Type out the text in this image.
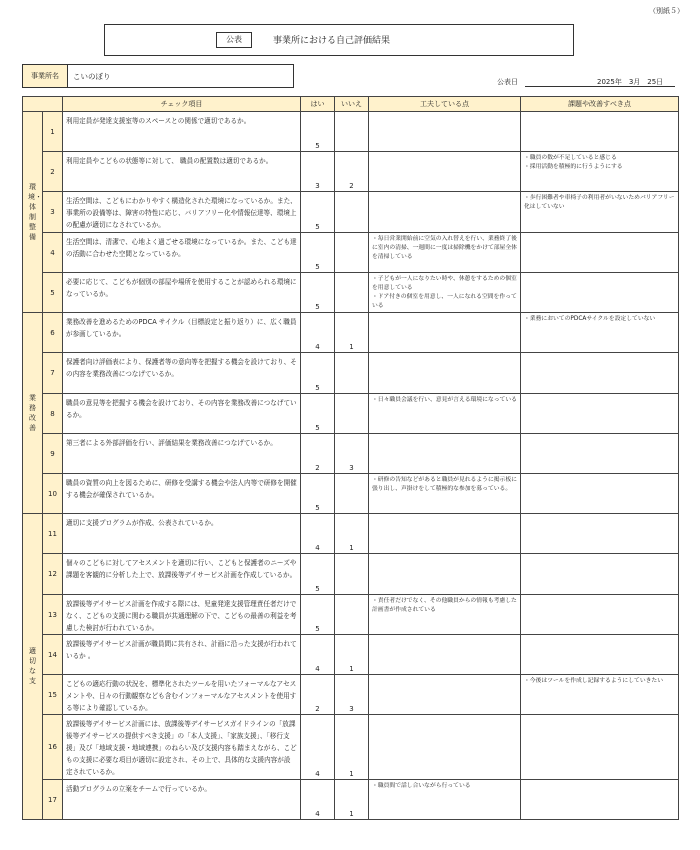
（別紙５）
公表	事業所における自己評価結果
事業所名	こいのぼり
公表日	2025年　3月　25日
		チェック項目	はい	いいえ	工夫している点	課題や改善すべき点
環境・体制整備	1	利用定員が発達支援室等のスペースとの関係で適切であるか。	5			
	2	利用定員やこどもの状態等に対して、 職員の配置数は適切であるか。	3	2		・職員の数が不足していると感じる
・採用活動を積極的に行うようにする
	3	生活空間は、こどもにわかりやすく構造化された環境になっているか。また、事業所の設備等は、障害の特性に応じ、バリアフリー化や情報伝達等、環境上の配慮が適切になされているか。	5			・歩行困難者や車椅子の利用者がいないためバリアフリー化はしていない
	4	生活空間は、清潔で、心地よく過ごせる環境になっているか。また、こども達の活動に合わせた空間となっているか。	5		・毎日営業開始前に空気の入れ替えを行い、業務終了後に室内の清掃、一週間に一度は掃除機をかけて部屋全体を清掃している	
	5	必要に応じて、こどもが個別の部屋や場所を使用することが認められる環境になっているか。	5		・子どもが一人になりたい時や、休憩をするための個室を用意している
・ドア付きの個室を用意し、一人になれる空間を作っている	
業務改善	6	業務改善を進めるためのPDCA サイクル（目標設定と振り返り）に、広く職員が参画しているか。	4	1		・業務においてのPDCAサイクルを設定していない
	7	保護者向け評価表により、保護者等の意向等を把握する機会を設けており、その内容を業務改善につなげているか。	5			
	8	職員の意見等を把握する機会を設けており、その内容を業務改善につなげているか。	5		・日々職員会議を行い、意見が言える環境になっている	
	9	第三者による外部評価を行い、評価結果を業務改善につなげているか。	2	3		
	10	職員の資質の向上を図るために、研修を受講する機会や法人内等で研修を開催する機会が確保されているか。	5		・研修の告知などがあると職員が見れるように掲示板に張り出し、声掛けをして積極的な参加を募っている。	
適切な支	11	適切に支援プログラムが作成、公表されているか。	4	1		
	12	個々のこどもに対してアセスメントを適切に行い、こどもと保護者のニーズや課題を客観的に分析した上で、放課後等デイサービス計画を作成しているか。	5			
	13	放課後等デイサービス計画を作成する際には、児童発達支援管理責任者だけでなく、こどもの支援に関わる職員が共通理解の下で、こどもの最善の利益を考慮した検討が行われているか。	5		・責任者だけでなく、その他職員からの情報も考慮した計画書が作成されている	
	14	放課後等デイサービス計画が職員間に共有され、計画に沿った支援が行われているか 。	4	1		
	15	こどもの適応行動の状況を、標準化されたツールを用いたフォーマルなアセスメントや、日々の行動観察なども含むインフォーマルなアセスメントを使用する等により確認しているか。	2	3		・今後はツールを作成し記録するようにしていきたい
	16	放課後等デイサービス計画には、放課後等デイサービスガイドラインの「放課後等デイサービスの提供すべき支援」の「本人支援」、「家族支援」、「移行支援」及び「地域支援・地域連携」のねらい及び支援内容も踏まえながら、こどもの支援に必要な項目が適切に設定され、その上で、具体的な支援内容が設定されているか。	4	1		
	17	活動プログラムの立案をチームで行っているか。	4	1	・職員間で話し合いながら行っている	
